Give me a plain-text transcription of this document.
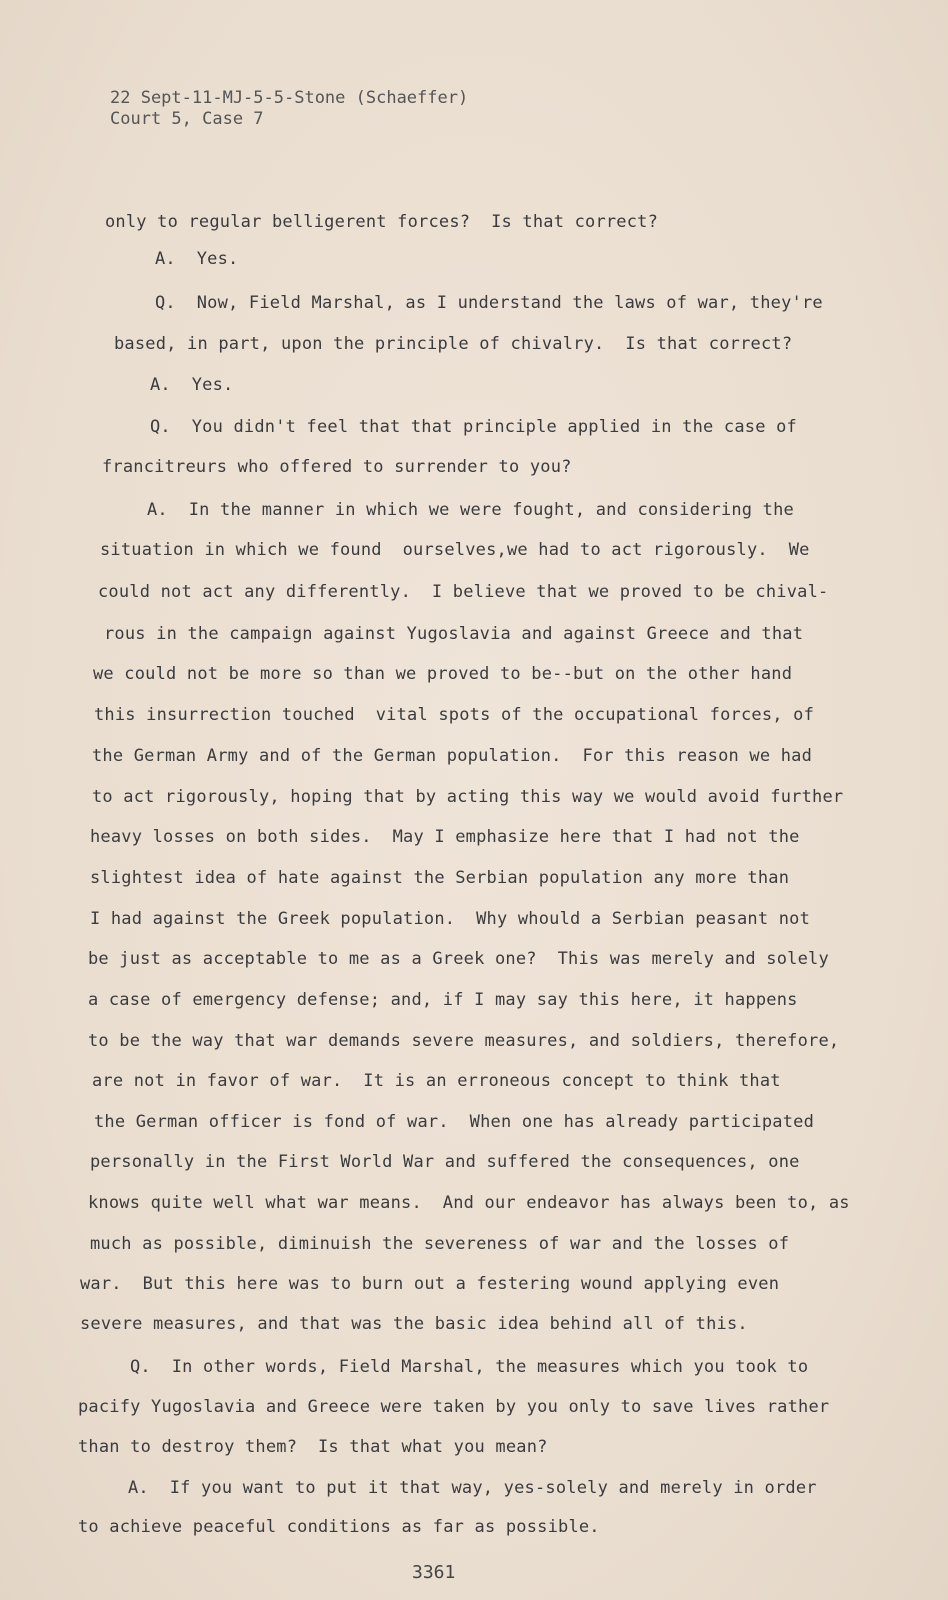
22 Sept-11-MJ-5-5-Stone (Schaeffer)
Court 5, Case 7
only to regular belligerent forces?  Is that correct?
A.  Yes.
Q.  Now, Field Marshal, as I understand the laws of war, they're
based, in part, upon the principle of chivalry.  Is that correct?
A.  Yes.
Q.  You didn't feel that that principle applied in the case of
francitreurs who offered to surrender to you?
A.  In the manner in which we were fought, and considering the
situation in which we found  ourselves,we had to act rigorously.  We
could not act any differently.  I believe that we proved to be chival-
rous in the campaign against Yugoslavia and against Greece and that
we could not be more so than we proved to be--but on the other hand
this insurrection touched  vital spots of the occupational forces, of
the German Army and of the German population.  For this reason we had
to act rigorously, hoping that by acting this way we would avoid further
heavy losses on both sides.  May I emphasize here that I had not the
slightest idea of hate against the Serbian population any more than
I had against the Greek population.  Why whould a Serbian peasant not
be just as acceptable to me as a Greek one?  This was merely and solely
a case of emergency defense; and, if I may say this here, it happens
to be the way that war demands severe measures, and soldiers, therefore,
are not in favor of war.  It is an erroneous concept to think that
the German officer is fond of war.  When one has already participated
personally in the First World War and suffered the consequences, one
knows quite well what war means.  And our endeavor has always been to, as
much as possible, diminuish the severeness of war and the losses of
war.  But this here was to burn out a festering wound applying even
severe measures, and that was the basic idea behind all of this.
Q.  In other words, Field Marshal, the measures which you took to
pacify Yugoslavia and Greece were taken by you only to save lives rather
than to destroy them?  Is that what you mean?
A.  If you want to put it that way, yes-solely and merely in order
to achieve peaceful conditions as far as possible.
3361
